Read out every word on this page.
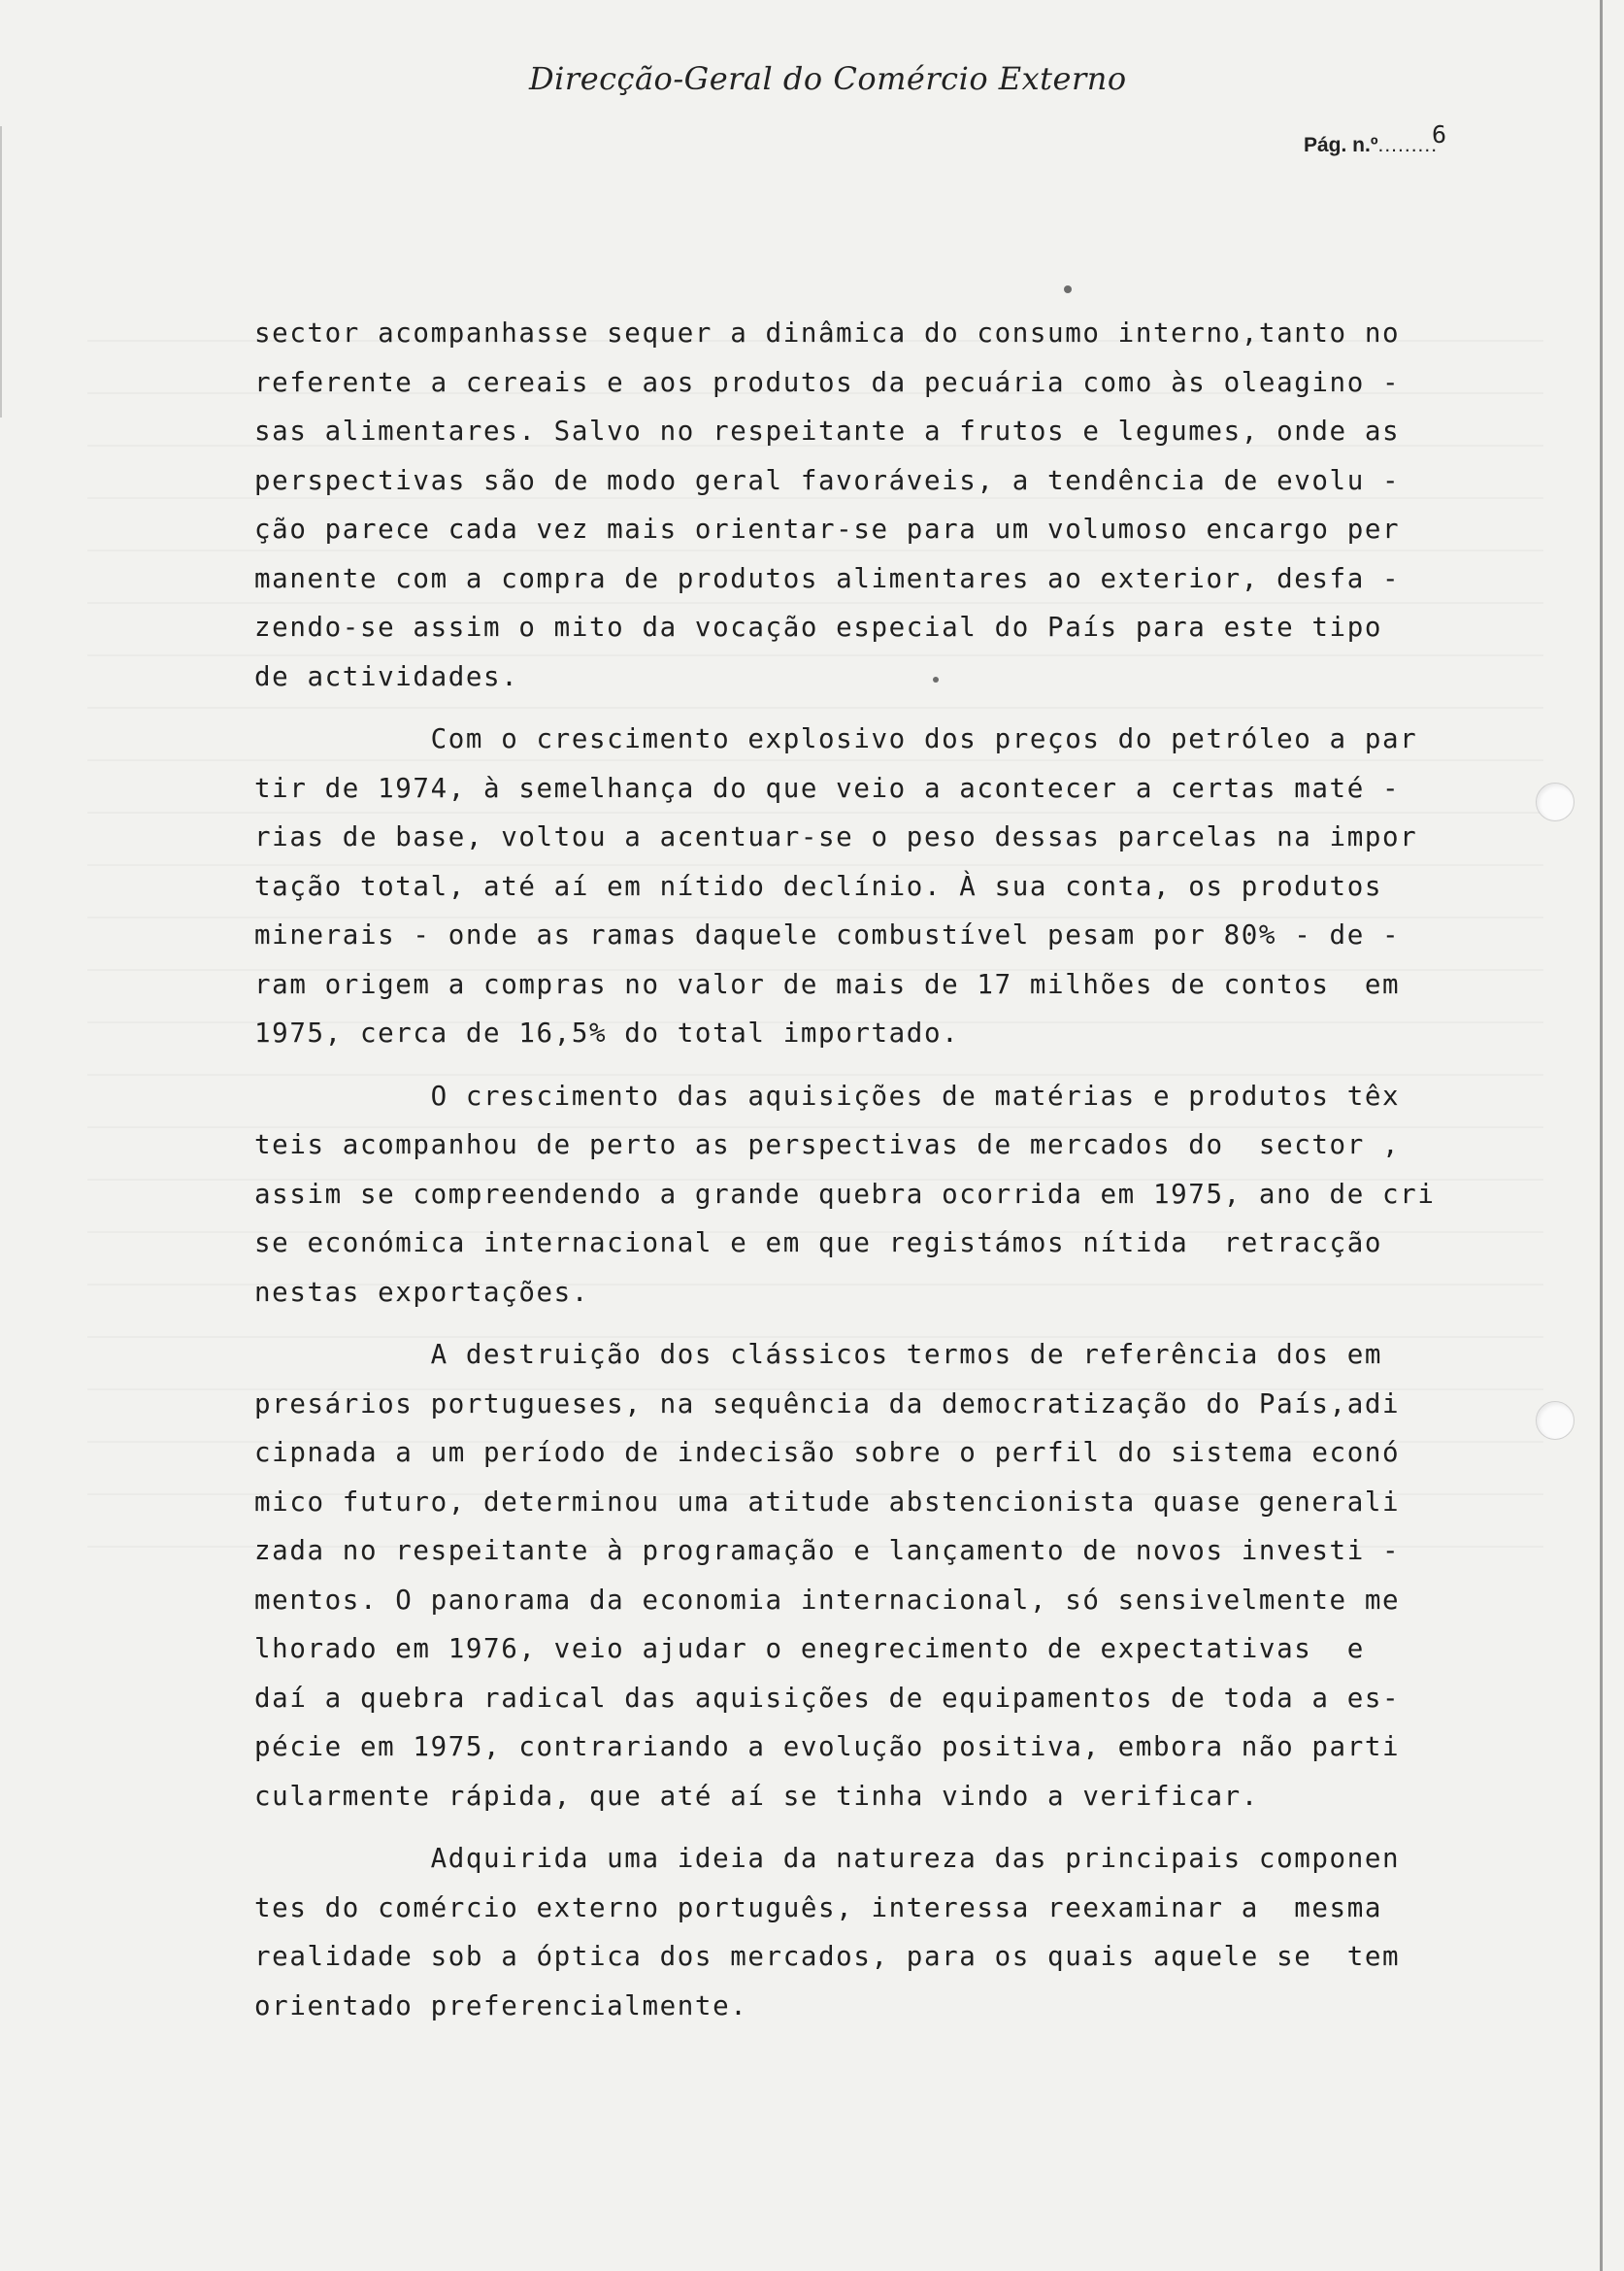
Direcção-Geral do Comércio Externo
Pág. n.º.........
6
sector acompanhasse sequer a dinâmica do consumo interno,tanto no
referente a cereais e aos produtos da pecuária como às oleagino -
sas alimentares. Salvo no respeitante a frutos e legumes, onde as
perspectivas são de modo geral favoráveis, a tendência de evolu -
ção parece cada vez mais orientar-se para um volumoso encargo per
manente com a compra de produtos alimentares ao exterior, desfa -
zendo-se assim o mito da vocação especial do País para este tipo
de actividades.
Com o crescimento explosivo dos preços do petróleo a par
tir de 1974, à semelhança do que veio a acontecer a certas maté -
rias de base, voltou a acentuar-se o peso dessas parcelas na impor
tação total, até aí em nítido declínio. À sua conta, os produtos
minerais - onde as ramas daquele combustível pesam por 80% - de -
ram origem a compras no valor de mais de 17 milhões de contos  em
1975, cerca de 16,5% do total importado.
O crescimento das aquisições de matérias e produtos têx
teis acompanhou de perto as perspectivas de mercados do  sector ,
assim se compreendendo a grande quebra ocorrida em 1975, ano de cri
se económica internacional e em que registámos nítida  retracção
nestas exportações.
A destruição dos clássicos termos de referência dos em
presários portugueses, na sequência da democratização do País,adi
cipnada a um período de indecisão sobre o perfil do sistema econó
mico futuro, determinou uma atitude abstencionista quase generali
zada no respeitante à programação e lançamento de novos investi -
mentos. O panorama da economia internacional, só sensivelmente me
lhorado em 1976, veio ajudar o enegrecimento de expectativas  e
daí a quebra radical das aquisições de equipamentos de toda a es-
pécie em 1975, contrariando a evolução positiva, embora não parti
cularmente rápida, que até aí se tinha vindo a verificar.
Adquirida uma ideia da natureza das principais componen
tes do comércio externo português, interessa reexaminar a  mesma
realidade sob a óptica dos mercados, para os quais aquele se  tem
orientado preferencialmente.
